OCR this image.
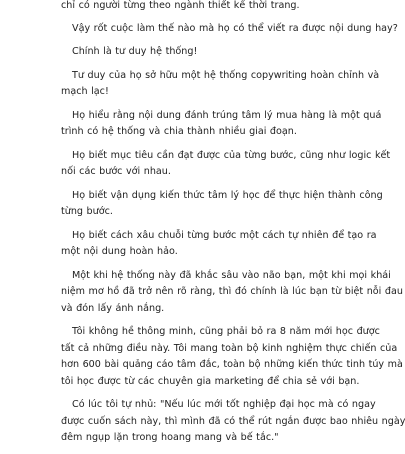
chỉ có người từng theo ngành thiết kế thời trang.

Vậy rốt cuộc làm thế nào mà họ có thể viết ra được nội dung hay?

Chính là tư duy hệ thống!

Tư duy của họ sở hữu một hệ thống copywriting hoàn chỉnh và
mạch lạc!

Họ hiểu rằng nội dung đánh trúng tâm lý mua hàng là một quá
trình có hệ thống và chia thành nhiều giai đoạn.

Họ biết mục tiêu cần đạt được của từng bước, cũng như logic kết
nối các bước với nhau.

Họ biết vận dụng kiến thức tâm lý học để thực hiện thành công
từng bước.

Họ biết cách xâu chuỗi từng bước một cách tự nhiên để tạo ra
một nội dung hoàn hảo.

Một khi hệ thống này đã khắc sâu vào não bạn, một khi mọi khái
niệm mơ hồ đã trở nên rõ ràng, thì đó chính là lúc bạn từ biệt nỗi đau
và đón lấy ánh nắng.

Tôi không hề thông minh, cũng phải bỏ ra 8 năm mới học được
tất cả những điều này. Tôi mang toàn bộ kinh nghiệm thực chiến của
hơn 600 bài quảng cáo tâm đắc, toàn bộ những kiến thức tinh túy mà
tôi học được từ các chuyên gia marketing để chia sẻ với bạn.

Có lúc tôi tự nhủ: "Nếu lúc mới tốt nghiệp đại học mà có ngay
được cuốn sách này, thì mình đã có thể rút ngắn được bao nhiêu ngày
đêm ngụp lặn trong hoang mang và bế tắc."
